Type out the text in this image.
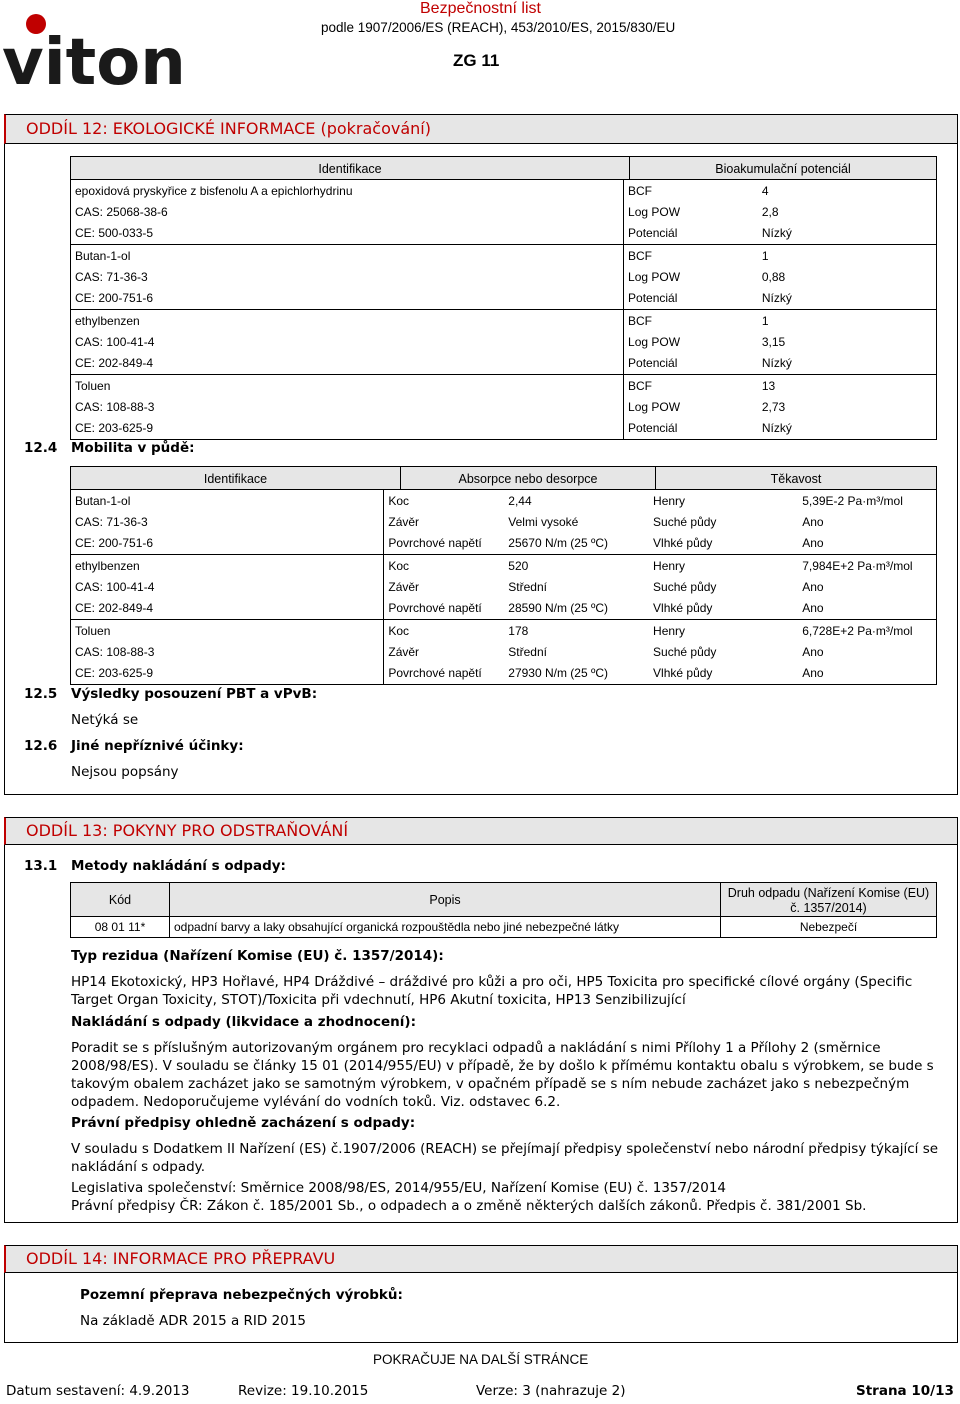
viton
Bezpečnostní list
podle 1907/2006/ES (REACH), 453/2010/ES, 2015/830/EU
ZG 11
ODDÍL 12: EKOLOGICKÉ INFORMACE (pokračování)
Identifikace	Bioakumulační potenciál
epoxidová pryskyřice z bisfenolu A a epichlorhydrinu	BCF	4
CAS: 25068-38-6	Log POW	2,8
CE: 500-033-5	Potenciál	Nízký
Butan-1-ol	BCF	1
CAS: 71-36-3	Log POW	0,88
CE: 200-751-6	Potenciál	Nízký
ethylbenzen	BCF	1
CAS: 100-41-4	Log POW	3,15
CE: 202-849-4	Potenciál	Nízký
Toluen	BCF	13
CAS: 108-88-3	Log POW	2,73
CE: 203-625-9	Potenciál	Nízký
12.4 Mobilita v půdě:
Identifikace	Absorpce nebo desorpce	Těkavost
Butan-1-ol	Koc	2,44	Henry	5,39E-2 Pa·m³/mol
CAS: 71-36-3	Závěr	Velmi vysoké	Suché půdy	Ano
CE: 200-751-6	Povrchové napětí	25670 N/m (25 ºC)	Vlhké půdy	Ano
ethylbenzen	Koc	520	Henry	7,984E+2 Pa·m³/mol
CAS: 100-41-4	Závěr	Střední	Suché půdy	Ano
CE: 202-849-4	Povrchové napětí	28590 N/m (25 ºC)	Vlhké půdy	Ano
Toluen	Koc	178	Henry	6,728E+2 Pa·m³/mol
CAS: 108-88-3	Závěr	Střední	Suché půdy	Ano
CE: 203-625-9	Povrchové napětí	27930 N/m (25 ºC)	Vlhké půdy	Ano
12.5 Výsledky posouzení PBT a vPvB:
Netýká se
12.6 Jiné nepříznivé účinky:
Nejsou popsány
ODDÍL 13: POKYNY PRO ODSTRAŇOVÁNÍ
13.1 Metody nakládání s odpady:
Kód	Popis	Druh odpadu (Nařízení Komise (EU)
č. 1357/2014)
08 01 11*	odpadní barvy a laky obsahující organická rozpouštědla nebo jiné nebezpečné látky	Nebezpečí
Typ rezidua (Nařízení Komise (EU) č. 1357/2014):
HP14 Ekotoxický, HP3 Hořlavé, HP4 Dráždivé – dráždivé pro kůži a pro oči, HP5 Toxicita pro specifické cílové orgány (Specific
Target Organ Toxicity, STOT)/Toxicita při vdechnutí, HP6 Akutní toxicita, HP13 Senzibilizující
Nakládání s odpady (likvidace a zhodnocení):
Poradit se s příslušným autorizovaným orgánem pro recyklaci odpadů a nakládání s nimi Přílohy 1 a Přílohy 2 (směrnice
2008/98/ES). V souladu se články 15 01 (2014/955/EU) v případě, že by došlo k přímému kontaktu obalu s výrobkem, se bude s
takovým obalem zacházet jako se samotným výrobkem, v opačném případě se s ním nebude zacházet jako s nebezpečným
odpadem. Nedoporučujeme vylévání do vodních toků. Viz. odstavec 6.2.
Právní předpisy ohledně zacházení s odpady:
V souladu s Dodatkem II Nařízení (ES) č.1907/2006 (REACH) se přejímají předpisy společenství nebo národní předpisy týkající se
nakládání s odpady.
Legislativa společenství: Směrnice 2008/98/ES, 2014/955/EU, Nařízení Komise (EU) č. 1357/2014
Právní předpisy ČR: Zákon č. 185/2001 Sb., o odpadech a o změně některých dalších zákonů. Předpis č. 381/2001 Sb.
ODDÍL 14: INFORMACE PRO PŘEPRAVU
Pozemní přeprava nebezpečných výrobků:
Na základě ADR 2015 a RID 2015
POKRAČUJE NA DALŠÍ STRÁNCE
Datum sestavení: 4.9.2013	Revize: 19.10.2015	Verze: 3 (nahrazuje 2)	Strana 10/13
